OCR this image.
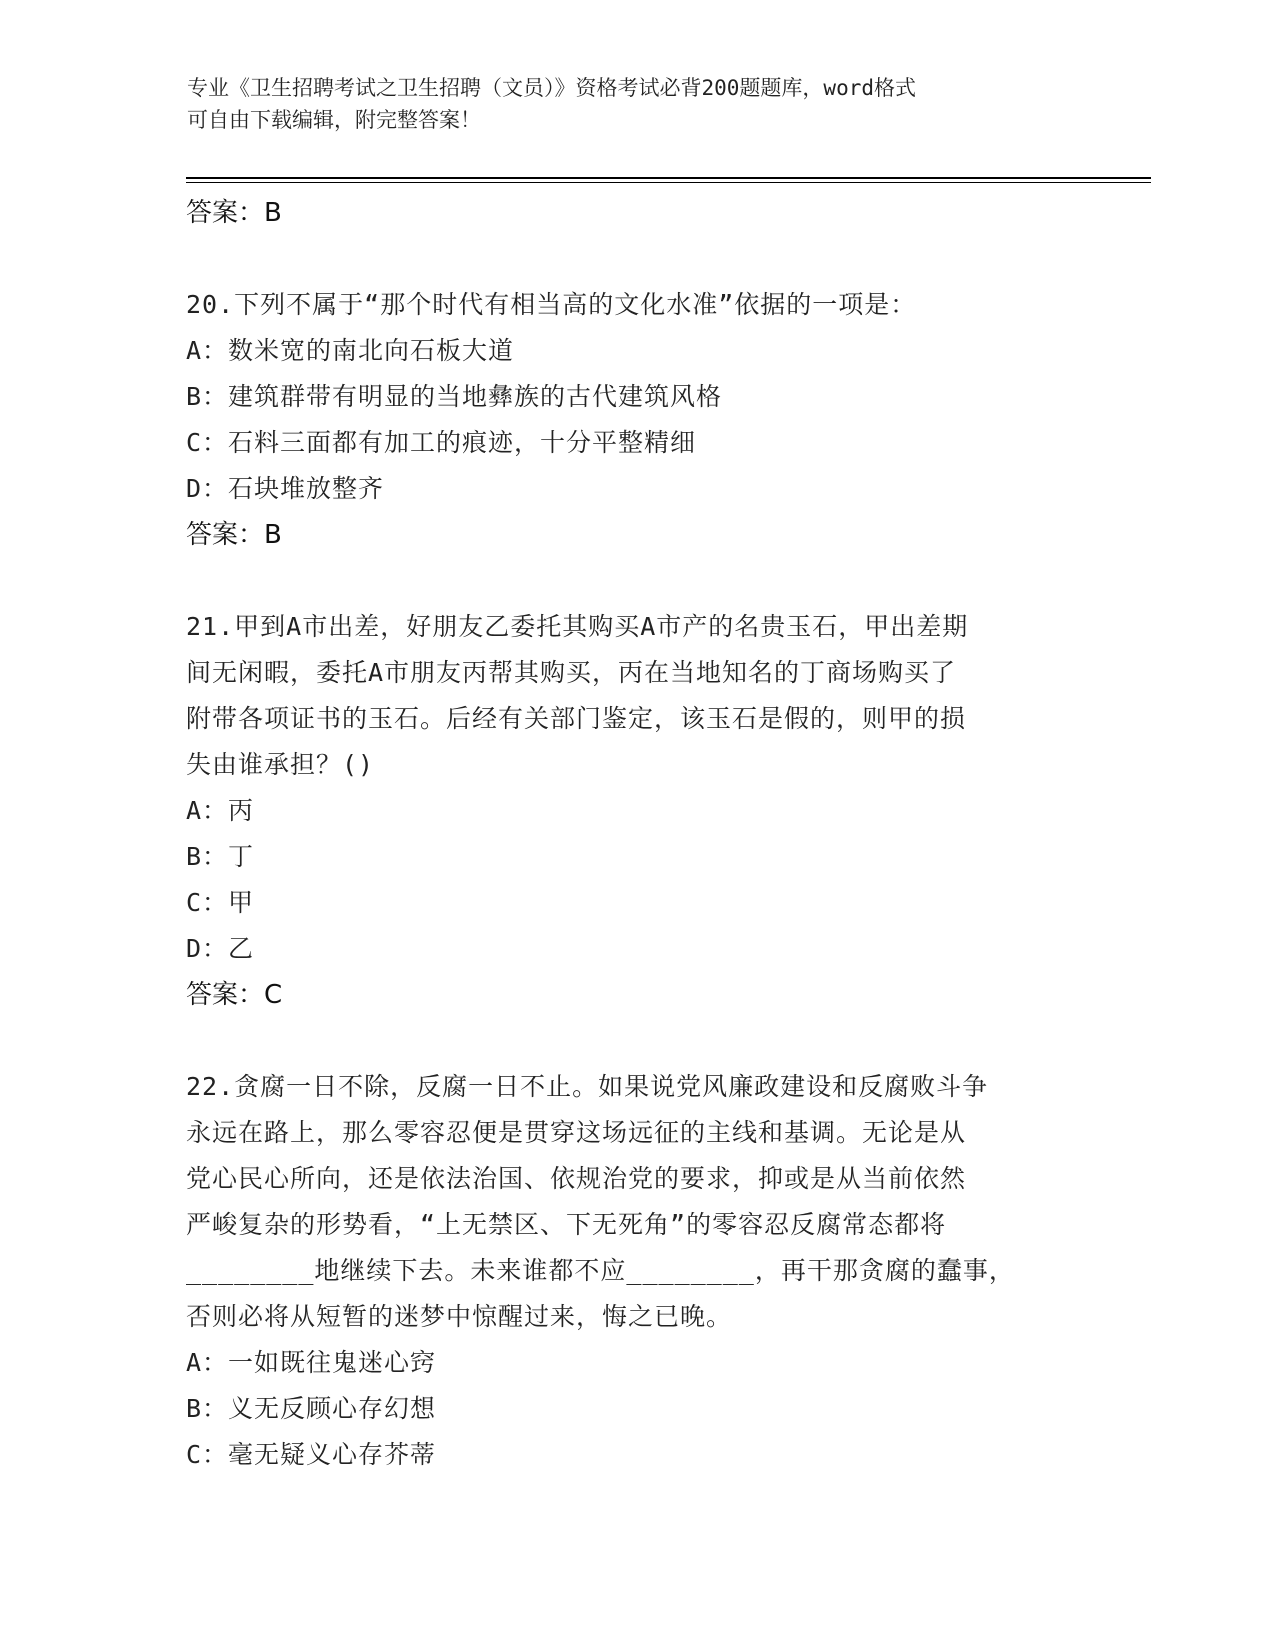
专业《卫生招聘考试之卫生招聘（文员）》资格考试必背200题题库，word格式
可自由下载编辑，附完整答案！
答案：B
20.下列不属于“那个时代有相当高的文化水准”依据的一项是：
A：数米宽的南北向石板大道
B：建筑群带有明显的当地彝族的古代建筑风格
C：石料三面都有加工的痕迹，十分平整精细
D：石块堆放整齐
答案：B
21.甲到A市出差，好朋友乙委托其购买A市产的名贵玉石，甲出差期
间无闲暇，委托A市朋友丙帮其购买，丙在当地知名的丁商场购买了
附带各项证书的玉石。后经有关部门鉴定，该玉石是假的，则甲的损
失由谁承担？()
A：丙
B：丁
C：甲
D：乙
答案：C
22.贪腐一日不除，反腐一日不止。如果说党风廉政建设和反腐败斗争
永远在路上，那么零容忍便是贯穿这场远征的主线和基调。无论是从
党心民心所向，还是依法治国、依规治党的要求，抑或是从当前依然
严峻复杂的形势看，“上无禁区、下无死角”的零容忍反腐常态都将
________地继续下去。未来谁都不应________，再干那贪腐的蠢事，
否则必将从短暂的迷梦中惊醒过来，悔之已晚。
A：一如既往鬼迷心窍
B：义无反顾心存幻想
C：毫无疑义心存芥蒂
